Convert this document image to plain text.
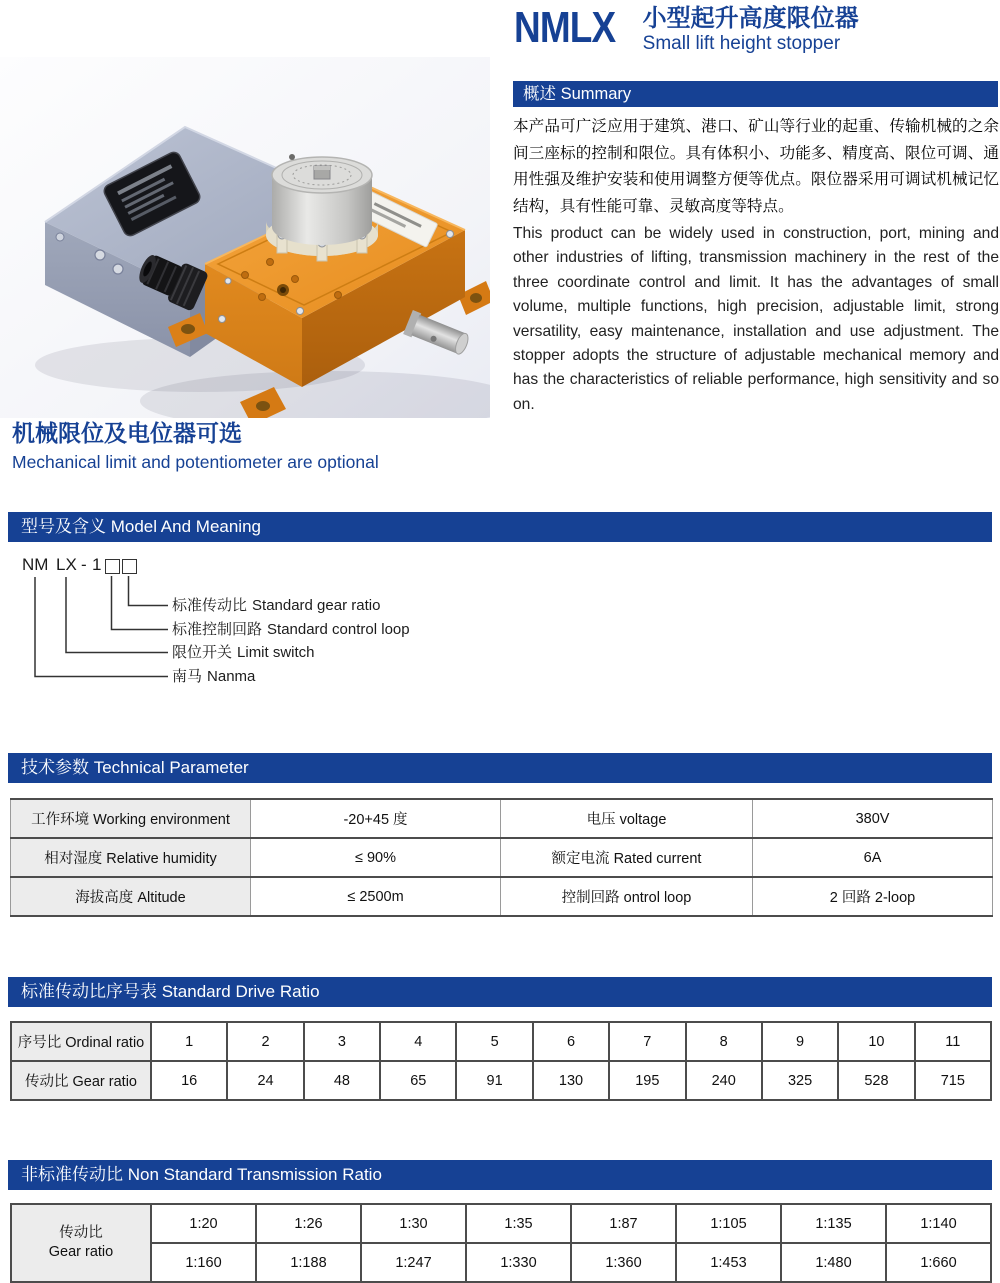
NMLX 小型起升高度限位器
Small lift height stopper
概述 Summary
本产品可广泛应用于建筑、港口、矿山等行业的起重、传输机械的之余间三座标的控制和限位。具有体积小、功能多、精度高、限位可调、通用性强及维护安装和使用调整方便等优点。限位器采用可调试机械记忆结构，具有性能可靠、灵敏高度等特点。
This product can be widely used in construction, port, mining and other industries of lifting, transmission machinery in the rest of the three coordinate control and limit. It has the advantages of small volume, multiple functions, high precision, adjustable limit, strong versatility, easy maintenance, installation and use adjustment. The stopper adopts the structure of adjustable mechanical memory and has the characteristics of reliable performance, high sensitivity and so on.
机械限位及电位器可选
Mechanical limit and potentiometer are optional
型号及含义 Model And Meaning
NM LX - 1
标准传动比 Standard gear ratio
标准控制回路 Standard control loop
限位开关 Limit switch
南马 Nanma
技术参数 Technical Parameter
工作环境 Working environment	-20+45 度	电压 voltage	380V
相对湿度 Relative humidity	≤ 90%	额定电流 Rated current	6A
海拔高度 Altitude	≤ 2500m	控制回路 ontrol loop	2 回路 2-loop
标准传动比序号表 Standard Drive Ratio
序号比 Ordinal ratio	1	2	3	4	5	6	7	8	9	10	11
传动比 Gear ratio	16	24	48	65	91	130	195	240	325	528	715
非标准传动比 Non Standard Transmission Ratio
传动比
Gear ratio	1:20	1:26	1:30	1:35	1:87	1:105	1:135	1:140
	1:160	1:188	1:247	1:330	1:360	1:453	1:480	1:660
